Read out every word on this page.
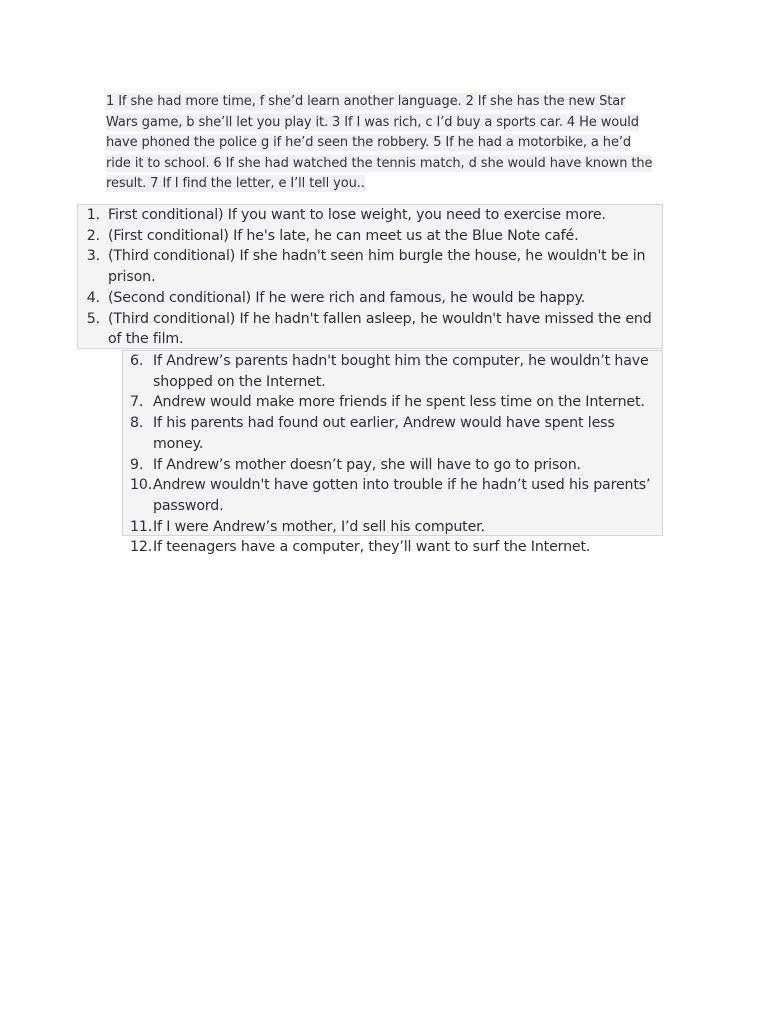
1 If she had more time, f she’d learn another language. 2 If she has the new Star Wars game, b she’ll let you play it. 3 If I was rich, c I’d buy a sports car. 4 He would have phoned the police g if he’d seen the robbery. 5 If he had a motorbike, a he’d ride it to school. 6 If she had watched the tennis match, d she would have known the result. 7 If I find the letter, e I’ll tell you..

1. First conditional) If you want to lose weight, you need to exercise more.
2. (First conditional) If he's late, he can meet us at the Blue Note café.
3. (Third conditional) If she hadn't seen him burgle the house, he wouldn't be in prison.
4. (Second conditional) If he were rich and famous, he would be happy.
5. (Third conditional) If he hadn't fallen asleep, he wouldn't have missed the end of the film.
6. If Andrew’s parents hadn't bought him the computer, he wouldn’t have shopped on the Internet.
7. Andrew would make more friends if he spent less time on the Internet.
8. If his parents had found out earlier, Andrew would have spent less money.
9. If Andrew’s mother doesn’t pay, she will have to go to prison.
10. Andrew wouldn't have gotten into trouble if he hadn’t used his parents’ password.
11. If I were Andrew’s mother, I’d sell his computer.
12. If teenagers have a computer, they’ll want to surf the Internet.
